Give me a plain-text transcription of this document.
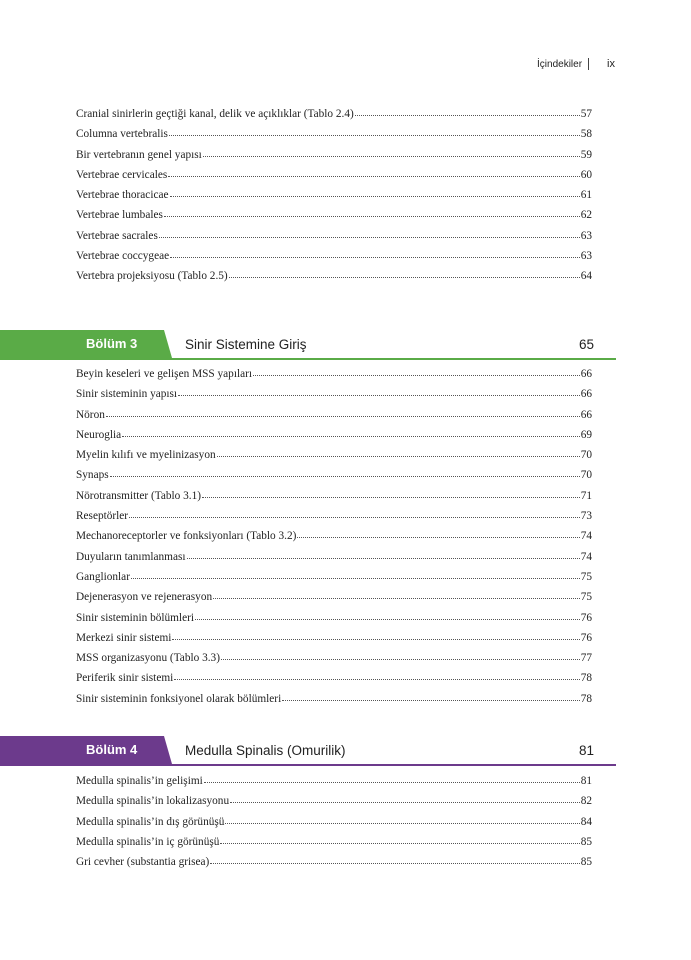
İçindekiler ix
Cranial sinirlerin geçtiği kanal, delik ve açıklıklar (Tablo 2.4)	57
Columna vertebralis	58
Bir vertebranın genel yapısı	59
Vertebrae cervicales	60
Vertebrae thoracicae	61
Vertebrae lumbales	62
Vertebrae sacrales	63
Vertebrae coccygeae	63
Vertebra projeksiyosu (Tablo 2.5)	64
Bölüm 3	Sinir Sistemine Giriş	65
Beyin keseleri ve gelişen MSS yapıları	66
Sinir sisteminin yapısı	66
Nöron	66
Neuroglia	69
Myelin kılıfı ve myelinizasyon	70
Synaps	70
Nörotransmitter (Tablo 3.1)	71
Reseptörler	73
Mechanoreceptorler ve fonksiyonları (Tablo 3.2)	74
Duyuların tanımlanması	74
Ganglionlar	75
Dejenerasyon ve rejenerasyon	75
Sinir sisteminin bölümleri	76
Merkezi sinir sistemi	76
MSS organizasyonu (Tablo 3.3)	77
Periferik sinir sistemi	78
Sinir sisteminin fonksiyonel olarak bölümleri	78
Bölüm 4	Medulla Spinalis (Omurilik)	81
Medulla spinalis’in gelişimi	81
Medulla spinalis’in lokalizasyonu	82
Medulla spinalis’in dış görünüşü	84
Medulla spinalis’in iç görünüşü	85
Gri cevher (substantia grisea)	85
